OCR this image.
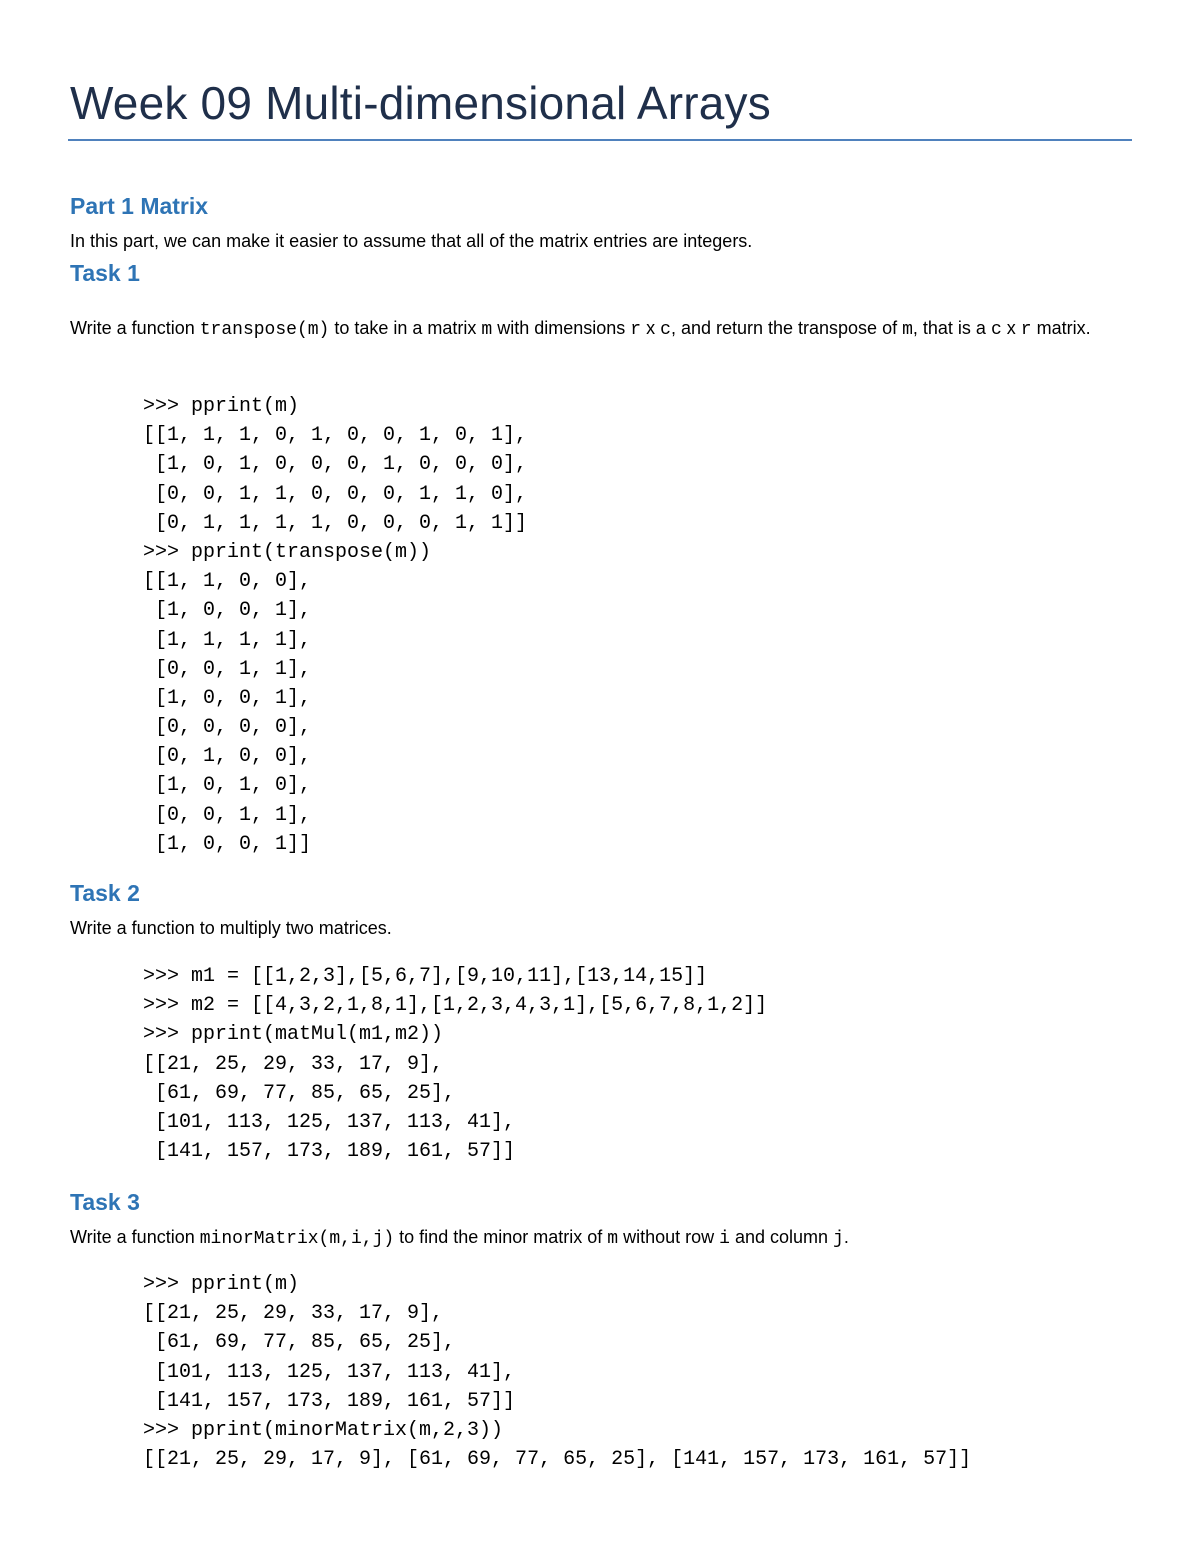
Week 09 Multi-dimensional Arrays
Part 1 Matrix
In this part, we can make it easier to assume that all of the matrix entries are integers.
Task 1
Write a function transpose(m) to take in a matrix m with dimensions r x c, and return the transpose of m, that is a c x r matrix.
>>> pprint(m)
[[1, 1, 1, 0, 1, 0, 0, 1, 0, 1],
[1, 0, 1, 0, 0, 0, 1, 0, 0, 0],
[0, 0, 1, 1, 0, 0, 0, 1, 1, 0],
[0, 1, 1, 1, 1, 0, 0, 0, 1, 1]]
>>> pprint(transpose(m))
[[1, 1, 0, 0],
[1, 0, 0, 1],
[1, 1, 1, 1],
[0, 0, 1, 1],
[1, 0, 0, 1],
[0, 0, 0, 0],
[0, 1, 0, 0],
[1, 0, 1, 0],
[0, 0, 1, 1],
[1, 0, 0, 1]]
Task 2
Write a function to multiply two matrices.
>>> m1 = [[1,2,3],[5,6,7],[9,10,11],[13,14,15]]
>>> m2 = [[4,3,2,1,8,1],[1,2,3,4,3,1],[5,6,7,8,1,2]]
>>> pprint(matMul(m1,m2))
[[21, 25, 29, 33, 17, 9],
[61, 69, 77, 85, 65, 25],
[101, 113, 125, 137, 113, 41],
[141, 157, 173, 189, 161, 57]]
Task 3
Write a function minorMatrix(m,i,j) to find the minor matrix of m without row i and column j.
>>> pprint(m)
[[21, 25, 29, 33, 17, 9],
[61, 69, 77, 85, 65, 25],
[101, 113, 125, 137, 113, 41],
[141, 157, 173, 189, 161, 57]]
>>> pprint(minorMatrix(m,2,3))
[[21, 25, 29, 17, 9], [61, 69, 77, 65, 25], [141, 157, 173, 161, 57]]
